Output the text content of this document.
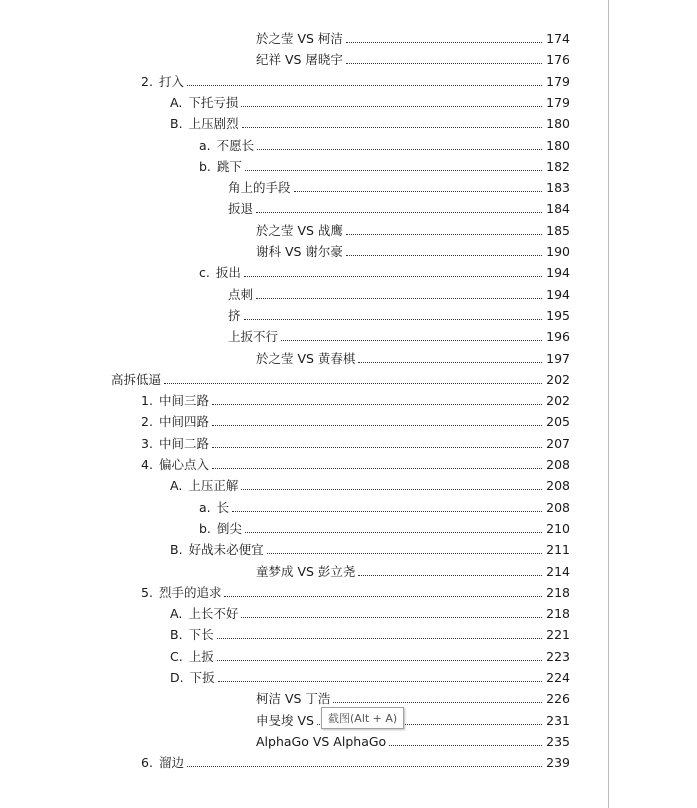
於之莹 VS 柯洁	174
纪祥 VS 屠晓宇	176
2. 打入	179
A. 下托亏损	179
B. 上压剧烈	180
a. 不愿长	180
b. 跳下	182
角上的手段	183
扳退	184
於之莹 VS 战鹰	185
谢科 VS 谢尔豪	190
c. 扳出	194
点刺	194
挤	195
上扳不行	196
於之莹 VS 黄春棋	197
高拆低逼	202
1. 中间三路	202
2. 中间四路	205
3. 中间二路	207
4. 偏心点入	208
A. 上压正解	208
a. 长	208
b. 倒尖	210
B. 好战未必便宜	211
童梦成 VS 彭立尧	214
5. 烈手的追求	218
A. 上长不好	218
B. 下长	221
C. 上扳	223
D. 下扳	224
柯洁 VS 丁浩	226
申旻埈 VS	231
AlphaGo VS AlphaGo	235
6. 溜边	239
截图(Alt + A)
